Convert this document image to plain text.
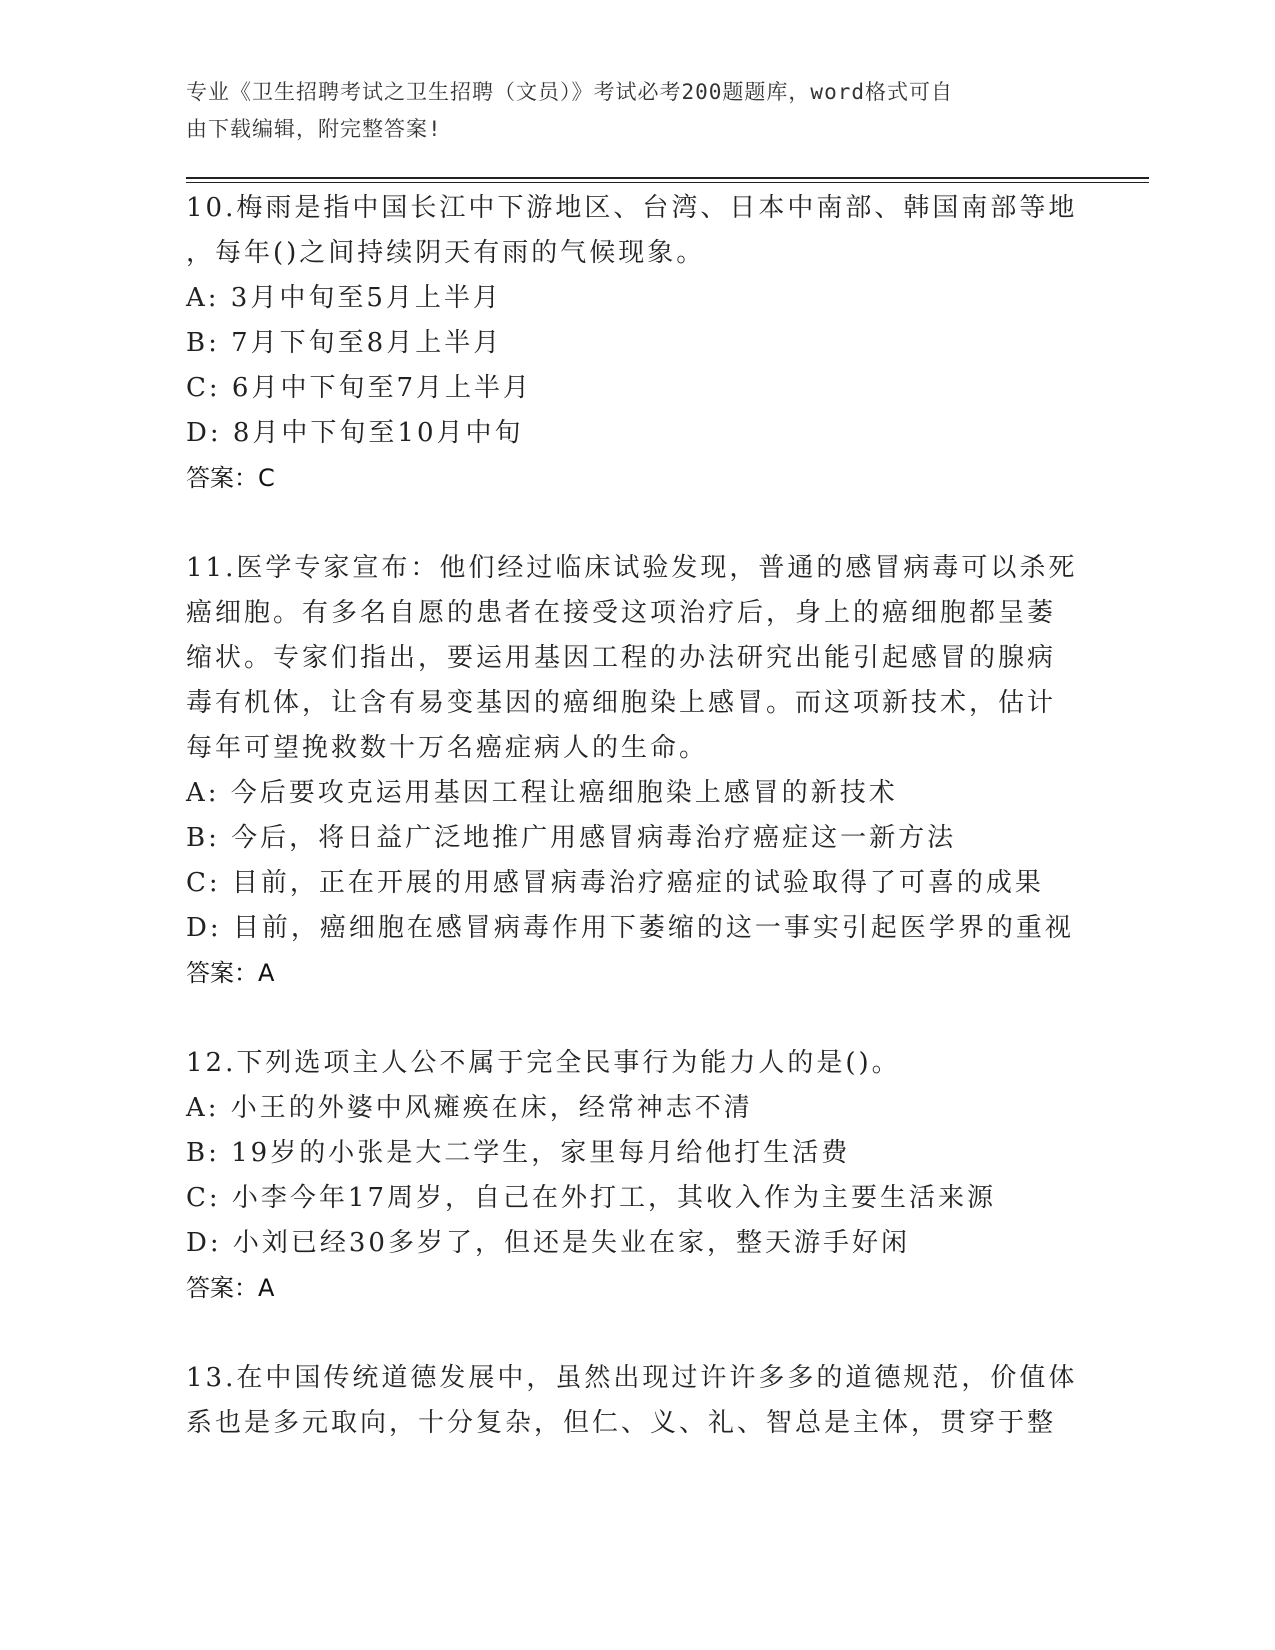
专业《卫生招聘考试之卫生招聘（文员）》考试必考200题题库，word格式可自
由下载编辑，附完整答案!
10.梅雨是指中国长江中下游地区、台湾、日本中南部、韩国南部等地
，每年()之间持续阴天有雨的气候现象。
A: 3月中旬至5月上半月
B: 7月下旬至8月上半月
C: 6月中下旬至7月上半月
D: 8月中下旬至10月中旬
答案：C
11.医学专家宣布：他们经过临床试验发现，普通的感冒病毒可以杀死
癌细胞。有多名自愿的患者在接受这项治疗后，身上的癌细胞都呈萎
缩状。专家们指出，要运用基因工程的办法研究出能引起感冒的腺病
毒有机体，让含有易变基因的癌细胞染上感冒。而这项新技术，估计
每年可望挽救数十万名癌症病人的生命。
A: 今后要攻克运用基因工程让癌细胞染上感冒的新技术
B: 今后，将日益广泛地推广用感冒病毒治疗癌症这一新方法
C: 目前，正在开展的用感冒病毒治疗癌症的试验取得了可喜的成果
D: 目前，癌细胞在感冒病毒作用下萎缩的这一事实引起医学界的重视
答案：A
12.下列选项主人公不属于完全民事行为能力人的是()。
A: 小王的外婆中风瘫痪在床，经常神志不清
B: 19岁的小张是大二学生，家里每月给他打生活费
C: 小李今年17周岁，自己在外打工，其收入作为主要生活来源
D: 小刘已经30多岁了，但还是失业在家，整天游手好闲
答案：A
13.在中国传统道德发展中，虽然出现过许许多多的道德规范，价值体
系也是多元取向，十分复杂，但仁、义、礼、智总是主体，贯穿于整
